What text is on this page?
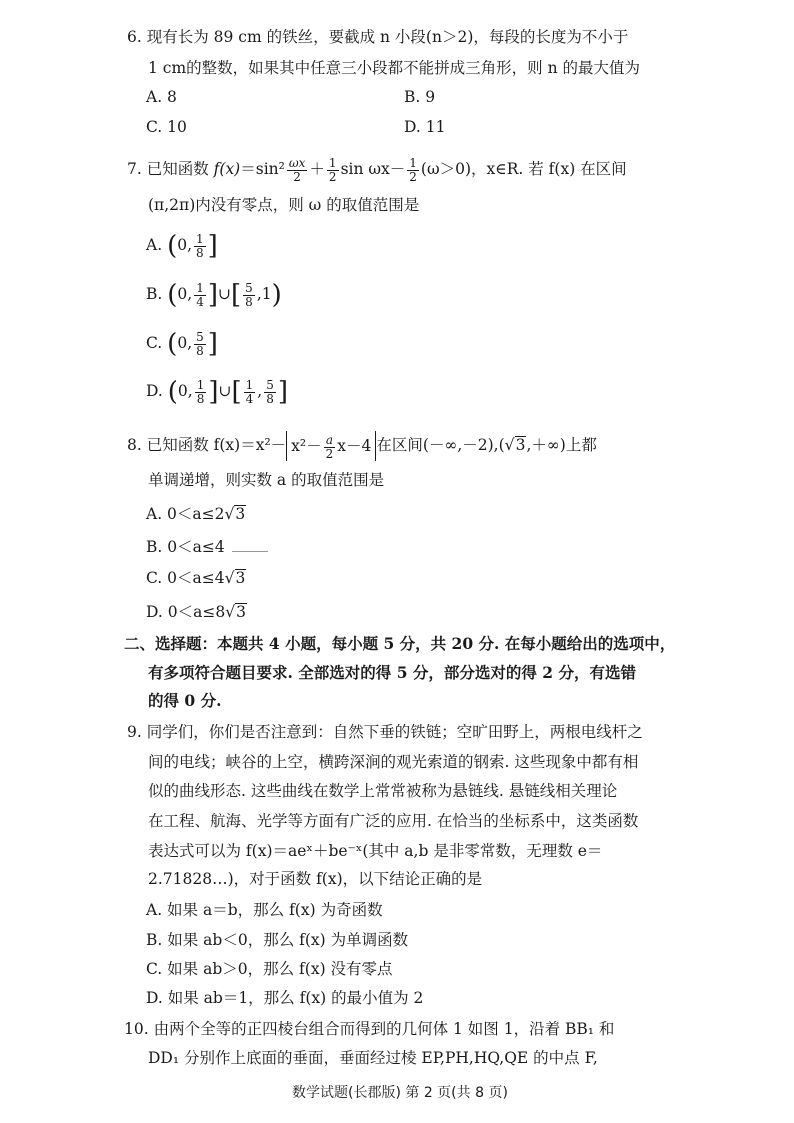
6. 现有长为 89 cm 的铁丝，要截成 n 小段(n＞2)，每段的长度为不小于
1 cm的整数，如果其中任意三小段都不能拼成三角形，则 n 的最大值为
A. 8	B. 9
C. 10	D. 11
7. 已知函数 $f(x)=\sin^2 \frac{\omega x}{2} + \frac{1}{2}$ $\sin \omega x- \frac{1}{2} (\omega>0)$，x∈R. 若 f(x) 在区间
(π,2π)内没有零点，则 ω 的取值范围是
A. (0, $\frac{1}{8}$ ]
B. (0, $\frac{1}{4}$ ]∪[ $\frac{5}{8} ,1$)
C. (0, $\frac{5}{8}$ ]
D. (0, $\frac{1}{8}$ ]∪[ $\frac{1}{4}$ , $\frac{5}{8}$ ]
8. 已知函数 $f(x)=x^2- x^2- \frac{a}{2} x-4$ 在区间(－∞,－2),(√3,＋∞)上都
单调递增，则实数 a 的取值范围是
A. 0＜a≤2√3
B. 0＜a≤4
C. 0＜a≤4√3
D. 0＜a≤8√3
二、选择题：本题共 4 小题，每小题 5 分，共 20 分. 在每小题给出的选项中，
有多项符合题目要求. 全部选对的得 5 分，部分选对的得 2 分，有选错
的得 0 分.
9. 同学们，你们是否注意到：自然下垂的铁链；空旷田野上，两根电线杆之
间的电线；峡谷的上空，横跨深涧的观光索道的钢索. 这些现象中都有相
似的曲线形态. 这些曲线在数学上常常被称为悬链线. 悬链线相关理论
在工程、航海、光学等方面有广泛的应用. 在恰当的坐标系中，这类函数
表达式可以为 f(x)＝aeˣ＋be⁻ˣ(其中 a,b 是非零常数，无理数 e＝
2.71828…)，对于函数 f(x)，以下结论正确的是
A. 如果 a＝b，那么 f(x) 为奇函数
B. 如果 ab＜0，那么 f(x) 为单调函数
C. 如果 ab＞0，那么 f(x) 没有零点
D. 如果 ab＝1，那么 f(x) 的最小值为 2
10. 由两个全等的正四棱台组合而得到的几何体 1 如图 1，沿着 BB₁ 和
DD₁ 分别作上底面的垂面，垂面经过棱 EP,PH,HQ,QE 的中点 F,
数学试题(长郡版) 第 2 页(共 8 页)
